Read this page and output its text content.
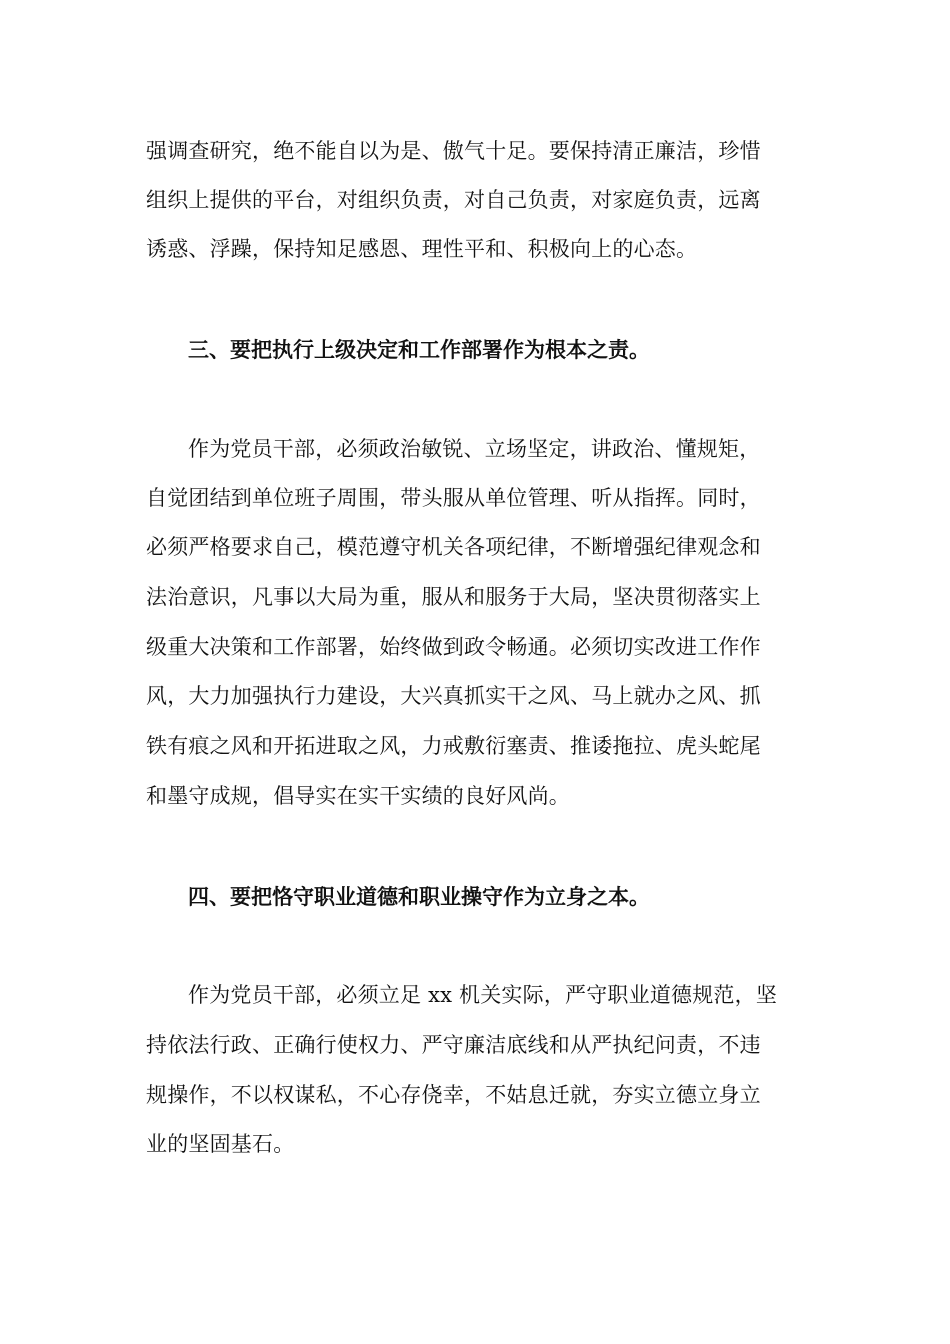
强调查研究，绝不能自以为是、傲气十足。要保持清正廉洁，珍惜
组织上提供的平台，对组织负责，对自己负责，对家庭负责，远离
诱惑、浮躁，保持知足感恩、理性平和、积极向上的心态。
三、要把执行上级决定和工作部署作为根本之责。
作为党员干部，必须政治敏锐、立场坚定，讲政治、懂规矩，
自觉团结到单位班子周围，带头服从单位管理、听从指挥。同时，
必须严格要求自己，模范遵守机关各项纪律，不断增强纪律观念和
法治意识，凡事以大局为重，服从和服务于大局，坚决贯彻落实上
级重大决策和工作部署，始终做到政令畅通。必须切实改进工作作
风，大力加强执行力建设，大兴真抓实干之风、马上就办之风、抓
铁有痕之风和开拓进取之风，力戒敷衍塞责、推诿拖拉、虎头蛇尾
和墨守成规，倡导实在实干实绩的良好风尚。
四、要把恪守职业道德和职业操守作为立身之本。
作为党员干部，必须立足 xx 机关实际，严守职业道德规范，坚
持依法行政、正确行使权力、严守廉洁底线和从严执纪问责，不违
规操作，不以权谋私，不心存侥幸，不姑息迁就，夯实立德立身立
业的坚固基石。
